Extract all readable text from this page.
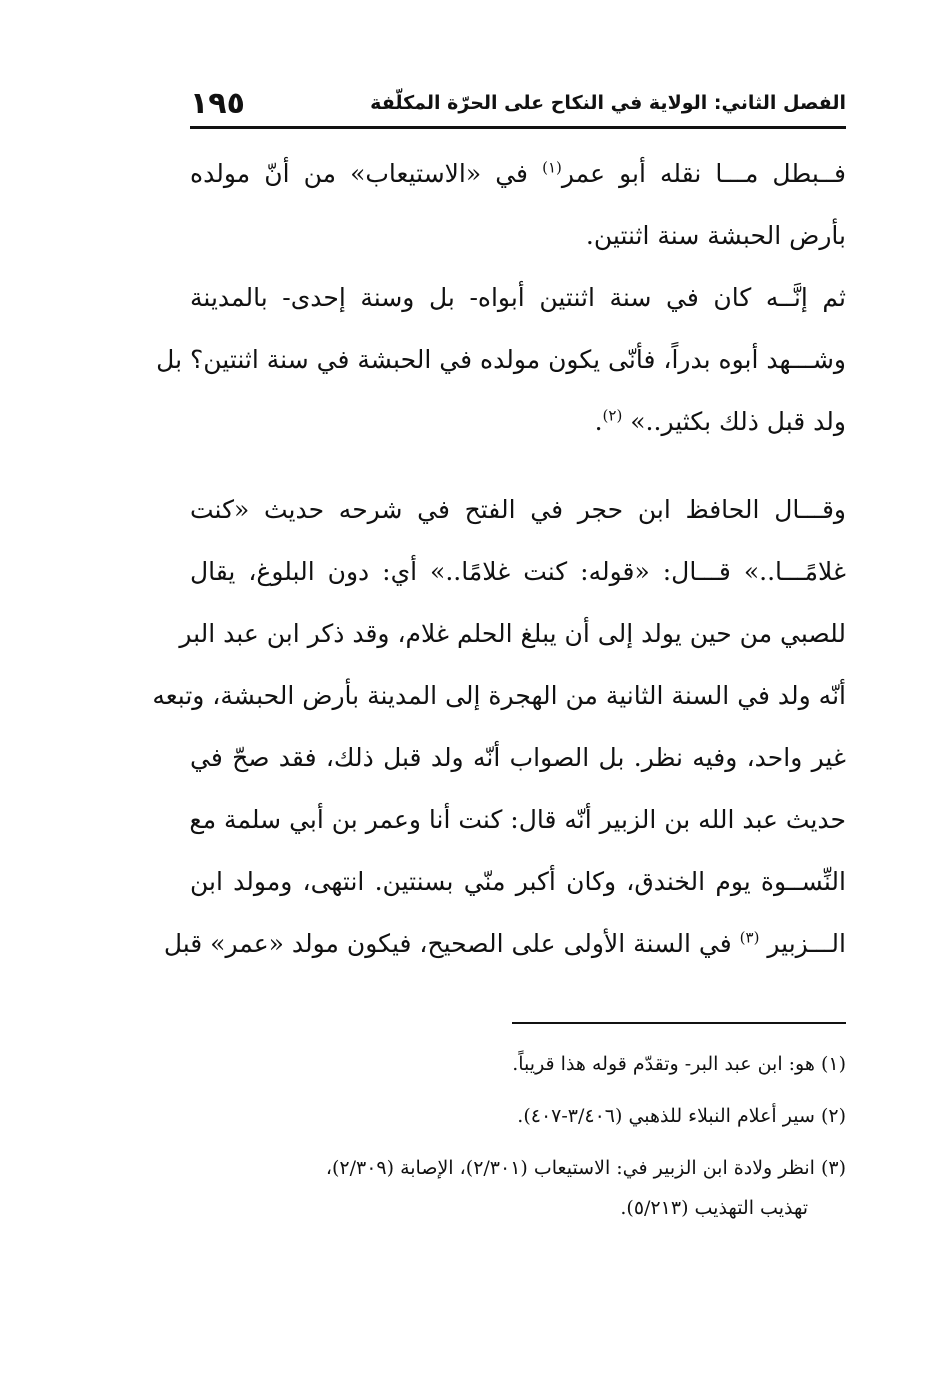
الفصل الثاني: الولاية في النكاح على الحرّة المكلّفة
١٩٥
فــبطل مـــا نقله أبو عمر$^{(١)}$ في «الاستيعاب» من أنّ مولده
بأرض الحبشة سنة اثنتين.
ثم إنَّــه كان في سنة اثنتين أبواه- بل وسنة إحدى- بالمدينة
وشـــهد أبوه بدراً، فأنّى يكون مولده في الحبشة في سنة اثنتين؟ بل
ولد قبل ذلك بكثير..» $^{(٢)}$.
وقـــال الحافظ ابن حجر في الفتح في شرحه حديث «كنت
غلامًـــا..» قـــال: «قوله: كنت غلامًا..» أي: دون البلوغ، يقال
للصبي من حين يولد إلى أن يبلغ الحلم غلام، وقد ذكر ابن عبد البر
أنّه ولد في السنة الثانية من الهجرة إلى المدينة بأرض الحبشة، وتبعه
غير واحد، وفيه نظر. بل الصواب أنّه ولد قبل ذلك، فقد صحّ في
حديث عبد الله بن الزبير أنّه قال: كنت أنا وعمر بن أبي سلمة مع
النِّســوة يوم الخندق، وكان أكبر منّي بسنتين. انتهى، ومولد ابن
الـــزبير $^{(٣)}$ في السنة الأولى على الصحيح، فيكون مولد «عمر» قبل
(١) هو: ابن عبد البر- وتقدّم قوله هذا قريباً.
(٢) سير أعلام النبلاء للذهبي (٣/٤٠٦-٤٠٧).
(٣) انظر ولادة ابن الزبير في: الاستيعاب (٢/٣٠١)، الإصابة (٢/٣٠٩)،
تهذيب التهذيب (٥/٢١٣).
